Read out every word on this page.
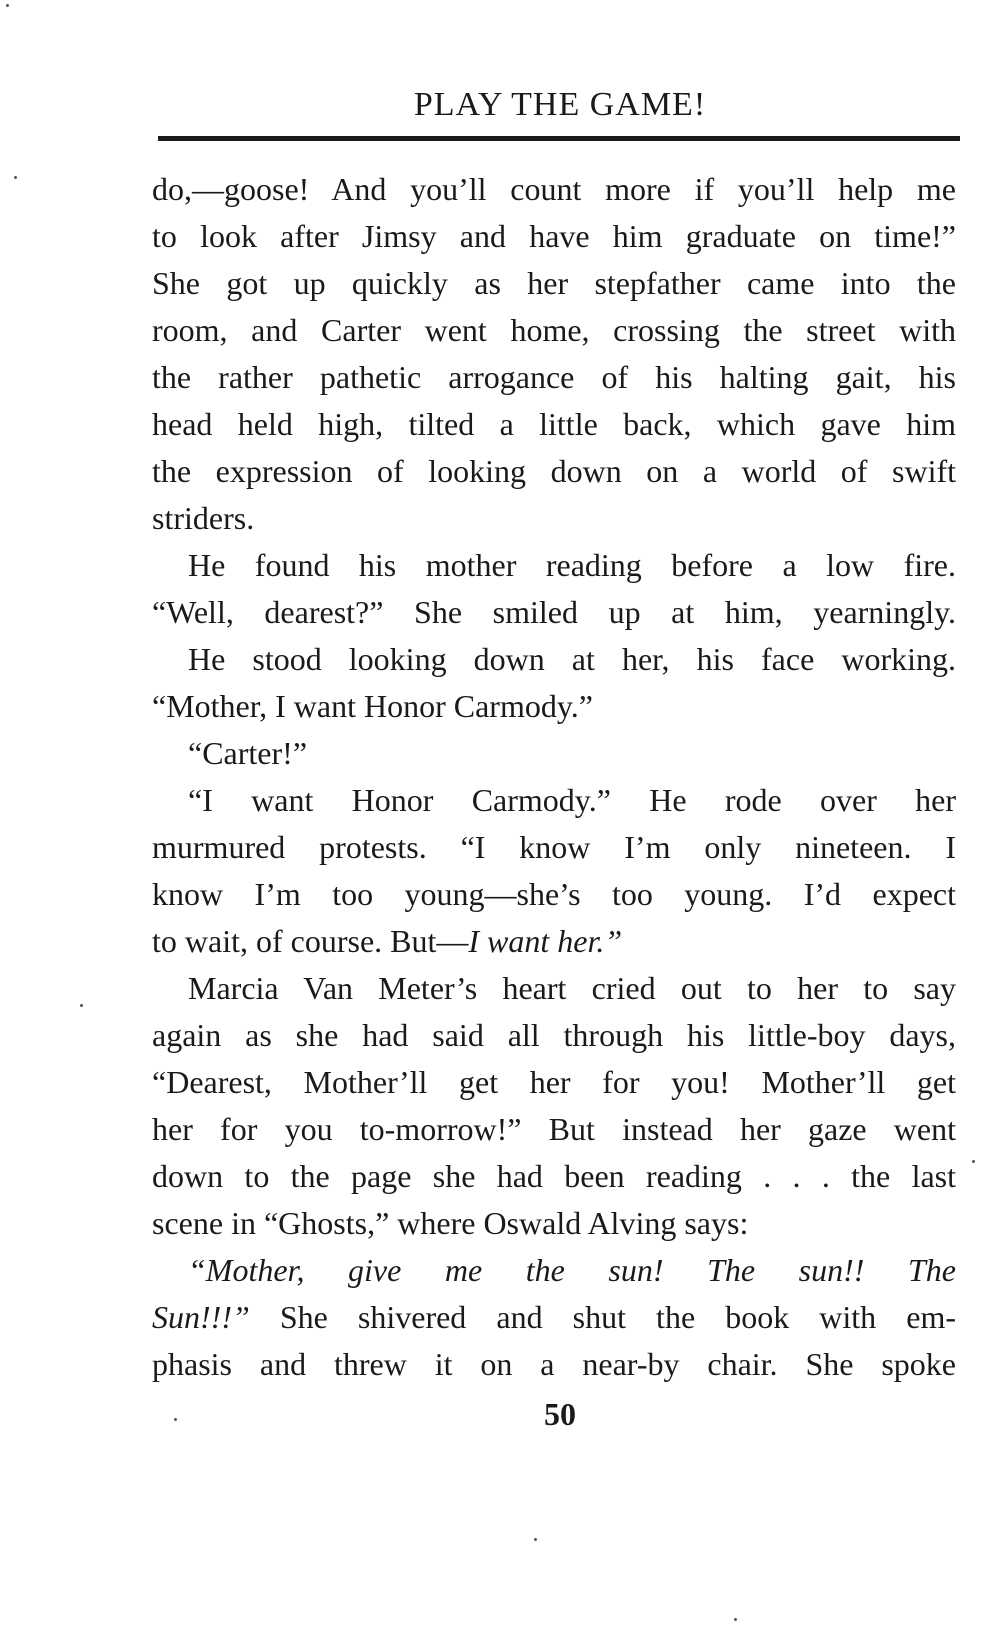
PLAY THE GAME!
do,—goose! And you’ll count more if you’ll help me
to look after Jimsy and have him graduate on time!”
She got up quickly as her stepfather came into the
room, and Carter went home, crossing the street with
the rather pathetic arrogance of his halting gait, his
head held high, tilted a little back, which gave him
the expression of looking down on a world of swift
striders.
He found his mother reading before a low fire.
“Well, dearest?” She smiled up at him, yearningly.
He stood looking down at her, his face working.
“Mother, I want Honor Carmody.”
“Carter!”
“I want Honor Carmody.” He rode over her
murmured protests. “I know I’m only nineteen. I
know I’m too young—she’s too young. I’d expect
to wait, of course. But—I want her.”
Marcia Van Meter’s heart cried out to her to say
again as she had said all through his little-boy days,
“Dearest, Mother’ll get her for you! Mother’ll get
her for you to-morrow!” But instead her gaze went
down to the page she had been reading . . . the last
scene in “Ghosts,” where Oswald Alving says:
“Mother, give me the sun! The sun!! The
Sun!!!” She shivered and shut the book with em-
phasis and threw it on a near-by chair. She spoke
50
